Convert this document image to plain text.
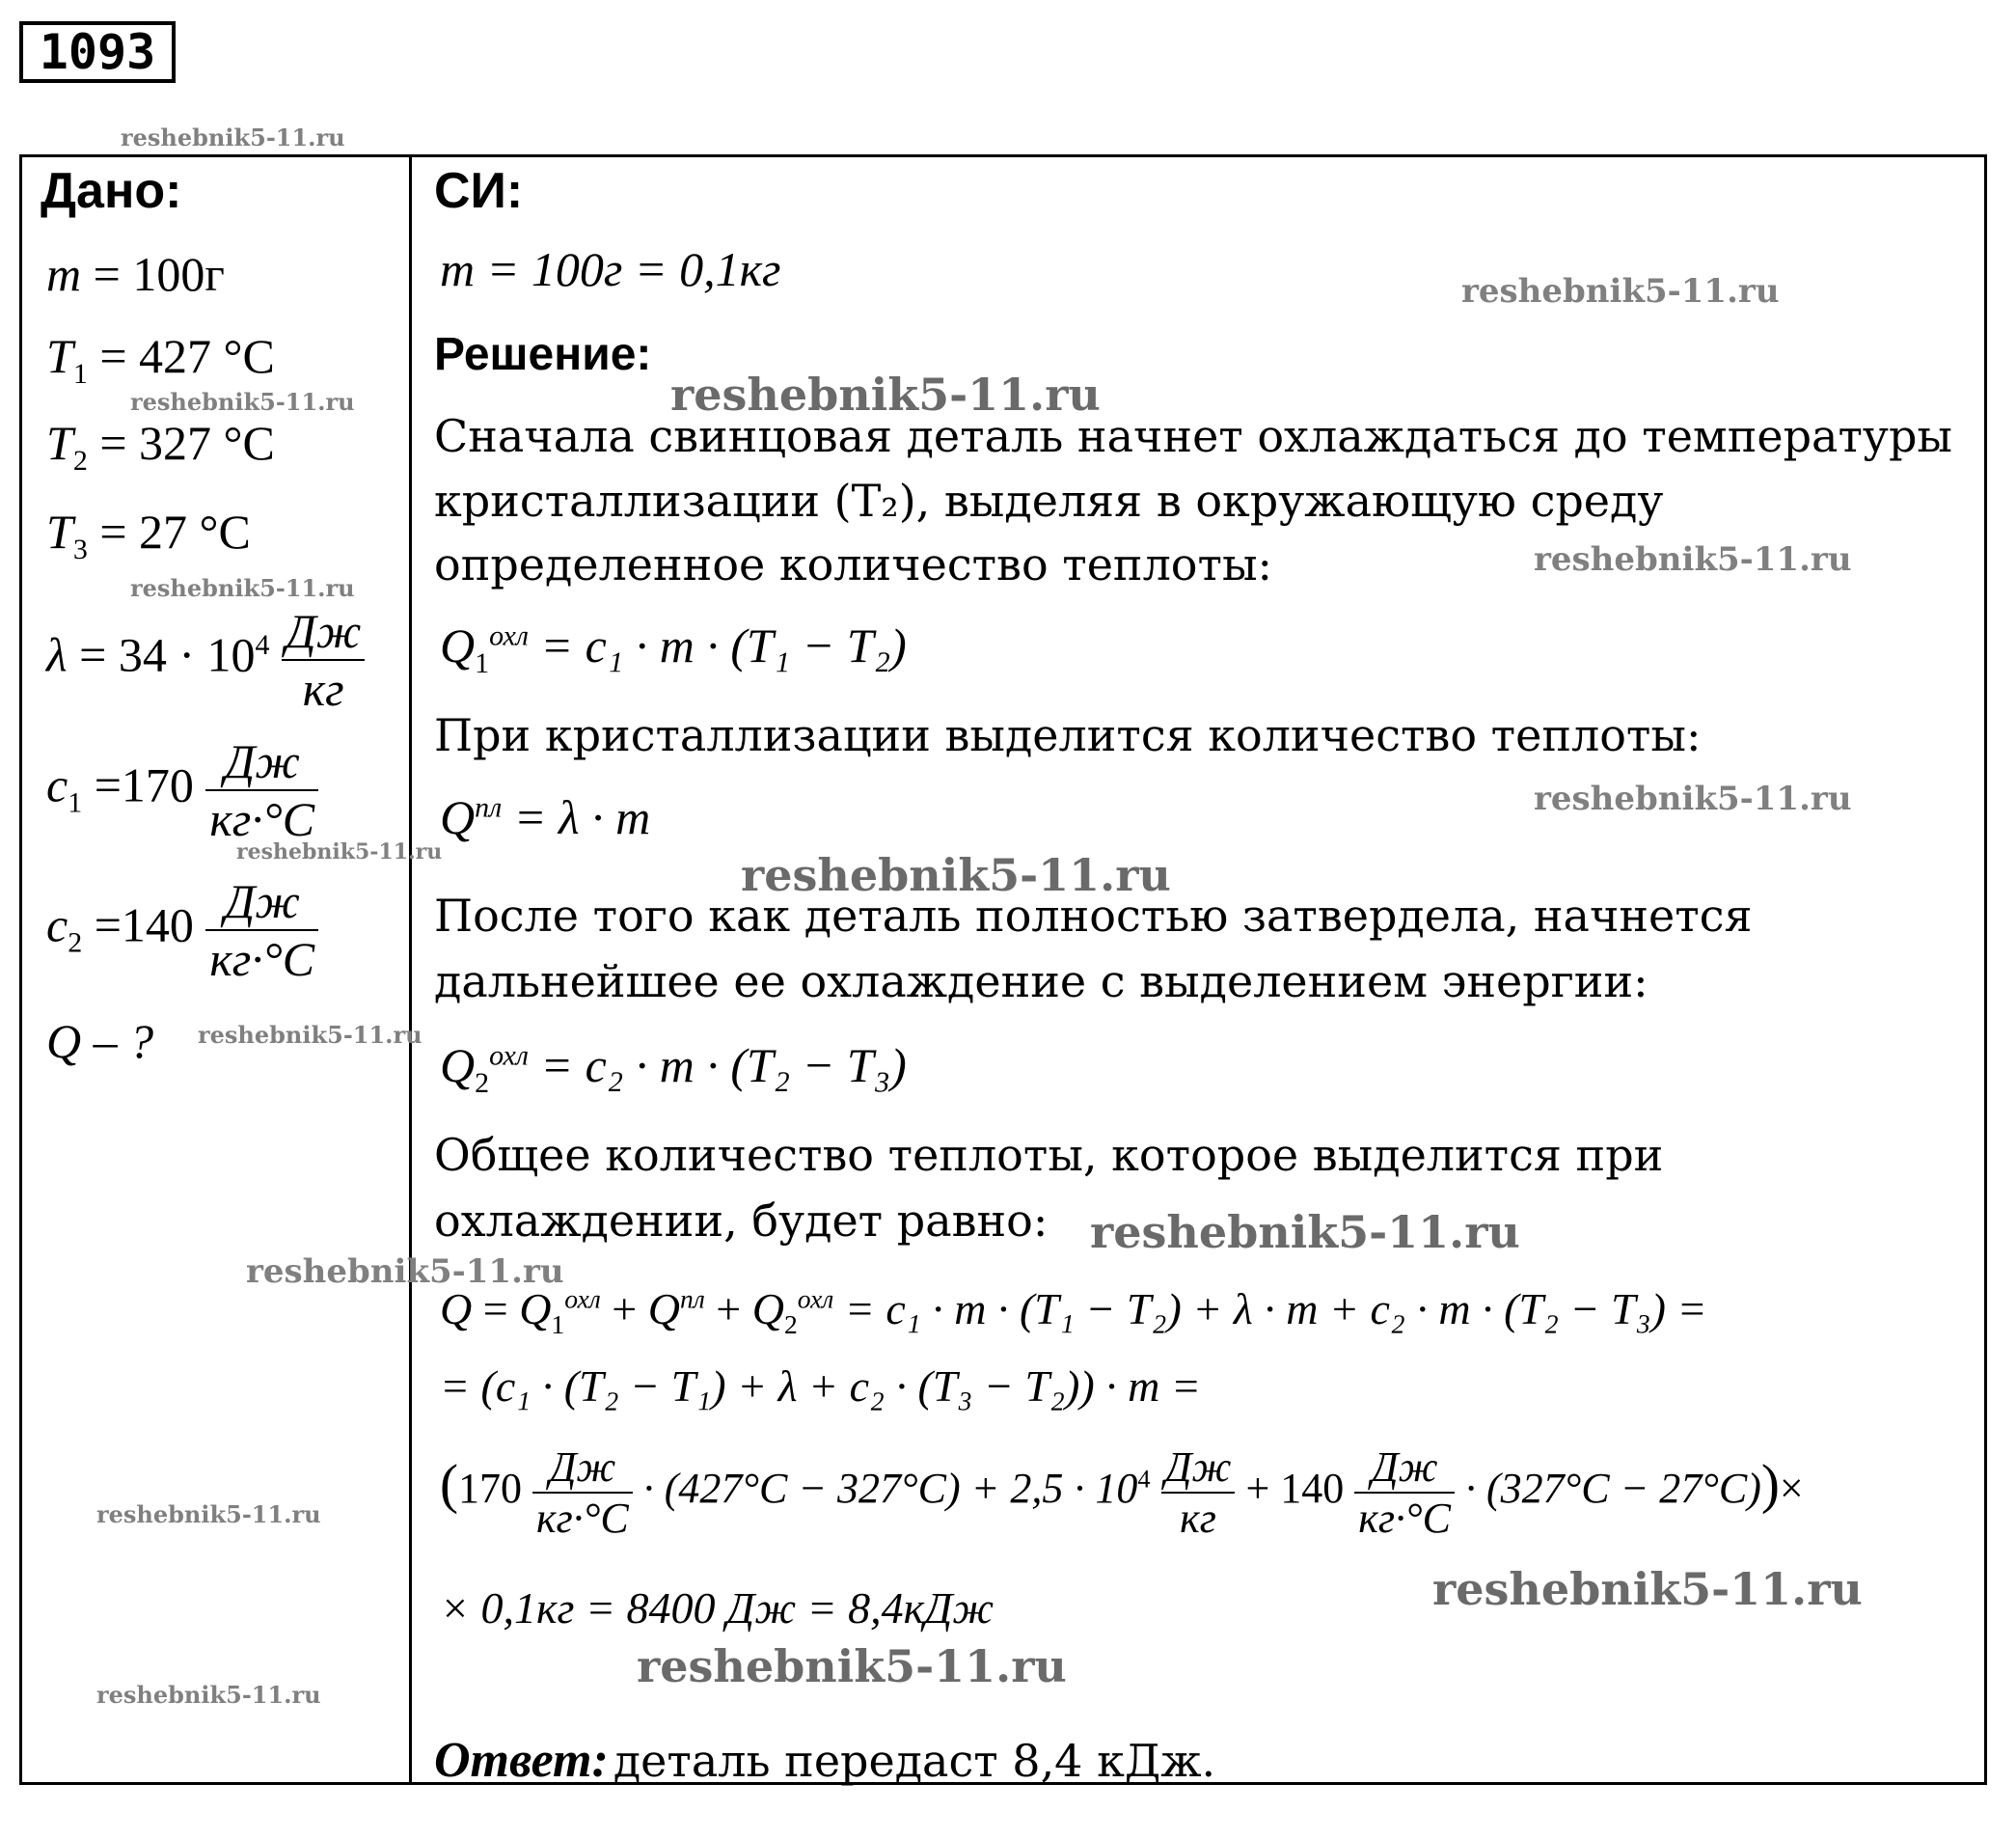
1093
Дано:
m = 100г
$T_1 = 427$ °C
$T_2 = 327$ °C
$T_3 = 27$ °C
$\lambda = 34 \cdot 10^4 \frac{Дж}{кг}$
$c_1 =170 \frac{Дж}{кг\cdot^\circ C}$
$c_2 =140 \frac{Дж}{кг\cdot^\circ C}$
Q – ?
СИ:
m = 100г = 0,1кг
Решение:
Сначала свинцовая деталь начнет охлаждаться до температуры
кристаллизации (T₂), выделяя в окружающую среду
определенное количество теплоты:
$Q_1^{охл} = c_1 \cdot m \cdot (T_1 - T_2)$
При кристаллизации выделится количество теплоты:
$Q^{пл} = \lambda \cdot m$
После того как деталь полностью затвердела, начнется
дальнейшее ее охлаждение с выделением энергии:
$Q_2^{охл} = c_2 \cdot m \cdot (T_2 - T_3)$
Общее количество теплоты, которое выделится при
охлаждении, будет равно:
$Q = Q_1^{охл} + Q^{пл} + Q_2^{охл} = c_1 \cdot m \cdot (T_1 - T_2) + \lambda \cdot m + c_2 \cdot m \cdot (T_2 - T_3)$ =
= (c₁ · (T₂ − T₁) + λ + c₂ · (T₃ − T₂)) · m =
$(170 \frac{Дж}{кг\cdot^\circ C} \cdot (427^\circ C - 327^\circ C) + 2,5 \cdot 10^4 \frac{Дж}{кг} + 140 \frac{Дж}{кг\cdot^\circ C} \cdot (327^\circ C - 27^\circ C))\times$
× 0,1кг = 8400 Дж = 8,4кДж
Ответ: деталь передаст 8,4 кДж.
reshebnik5-11.ru
reshebnik5-11.ru
reshebnik5-11.ru	reshebnik5-11.ru
reshebnik5-11.ru
reshebnik5-11.ru
reshebnik5-11.ru
reshebnik5-11.ru	reshebnik5-11.ru
reshebnik5-11.ru
reshebnik5-11.ru
reshebnik5-11.ru
reshebnik5-11.ru
reshebnik5-11.ru
reshebnik5-11.ru
reshebnik5-11.ru
